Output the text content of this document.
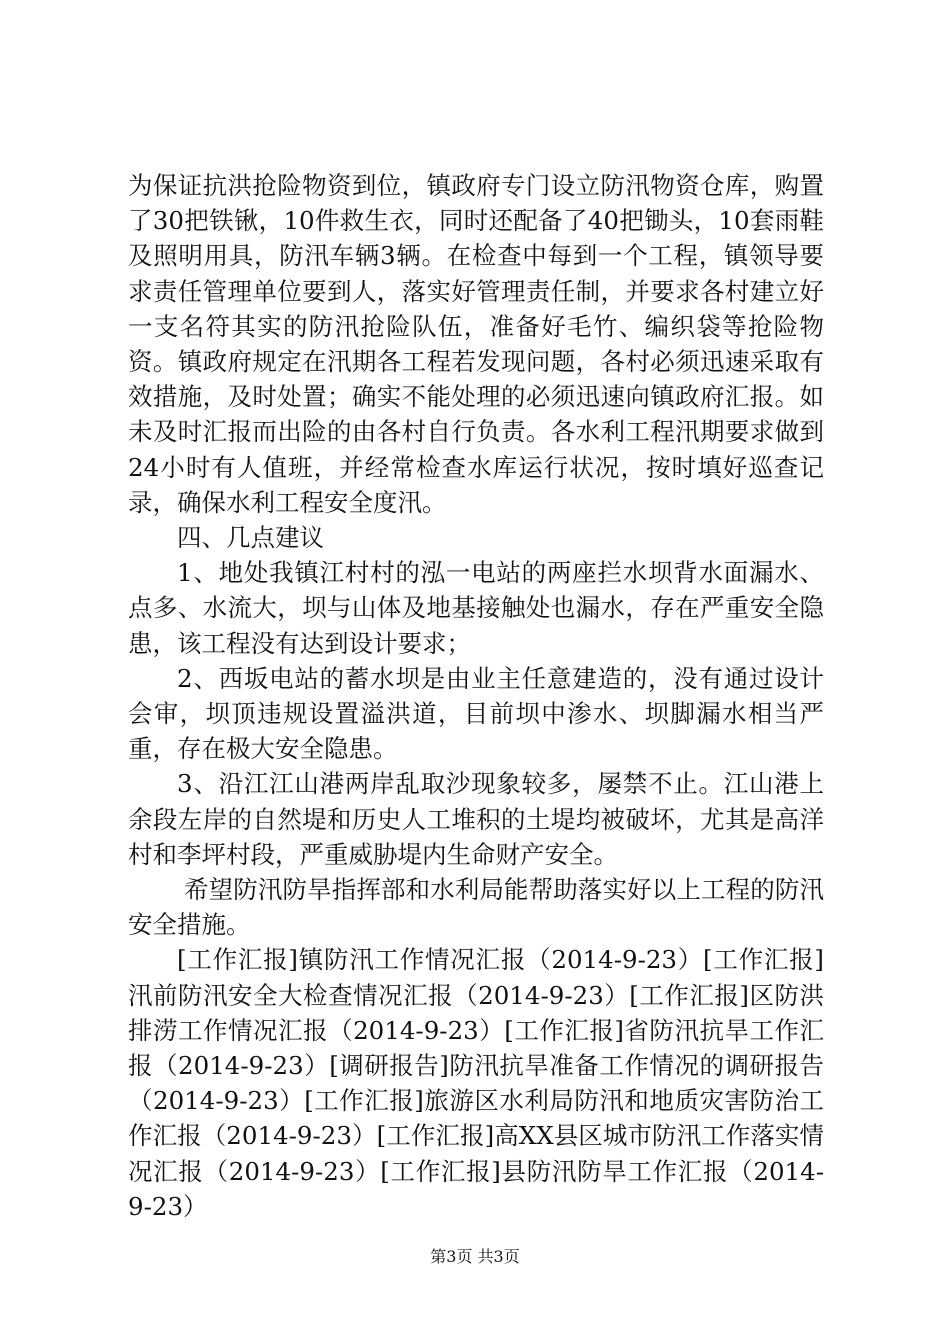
为保证抗洪抢险物资到位，镇政府专门设立防汛物资仓库，购置了30把铁锹，10件救生衣，同时还配备了40把锄头，10套雨鞋及照明用具，防汛车辆3辆。在检查中每到一个工程，镇领导要求责任管理单位要到人，落实好管理责任制，并要求各村建立好一支名符其实的防汛抢险队伍，准备好毛竹、编织袋等抢险物资。镇政府规定在汛期各工程若发现问题，各村必须迅速采取有效措施，及时处置；确实不能处理的必须迅速向镇政府汇报。如未及时汇报而出险的由各村自行负责。各水利工程汛期要求做到24小时有人值班，并经常检查水库运行状况，按时填好巡查记录，确保水利工程安全度汛。

四、几点建议

1、地处我镇江村村的泓一电站的两座拦水坝背水面漏水、点多、水流大，坝与山体及地基接触处也漏水，存在严重安全隐患，该工程没有达到设计要求；

2、西坂电站的蓄水坝是由业主任意建造的，没有通过设计会审，坝顶违规设置溢洪道，目前坝中渗水、坝脚漏水相当严重，存在极大安全隐患。

3、沿江江山港两岸乱取沙现象较多，屡禁不止。江山港上余段左岸的自然堤和历史人工堆积的土堤均被破坏，尤其是高洋村和李坪村段，严重威胁堤内生命财产安全。

希望防汛防旱指挥部和水利局能帮助落实好以上工程的防汛安全措施。

[工作汇报]镇防汛工作情况汇报（2014-9-23）[工作汇报]汛前防汛安全大检查情况汇报（2014-9-23）[工作汇报]区防洪排涝工作情况汇报（2014-9-23）[工作汇报]省防汛抗旱工作汇报（2014-9-23）[调研报告]防汛抗旱准备工作情况的调研报告（2014-9-23）[工作汇报]旅游区水利局防汛和地质灾害防治工作汇报（2014-9-23）[工作汇报]高XX县区城市防汛工作落实情况汇报（2014-9-23）[工作汇报]县防汛防旱工作汇报（2014-9-23）

第3页 共3页
